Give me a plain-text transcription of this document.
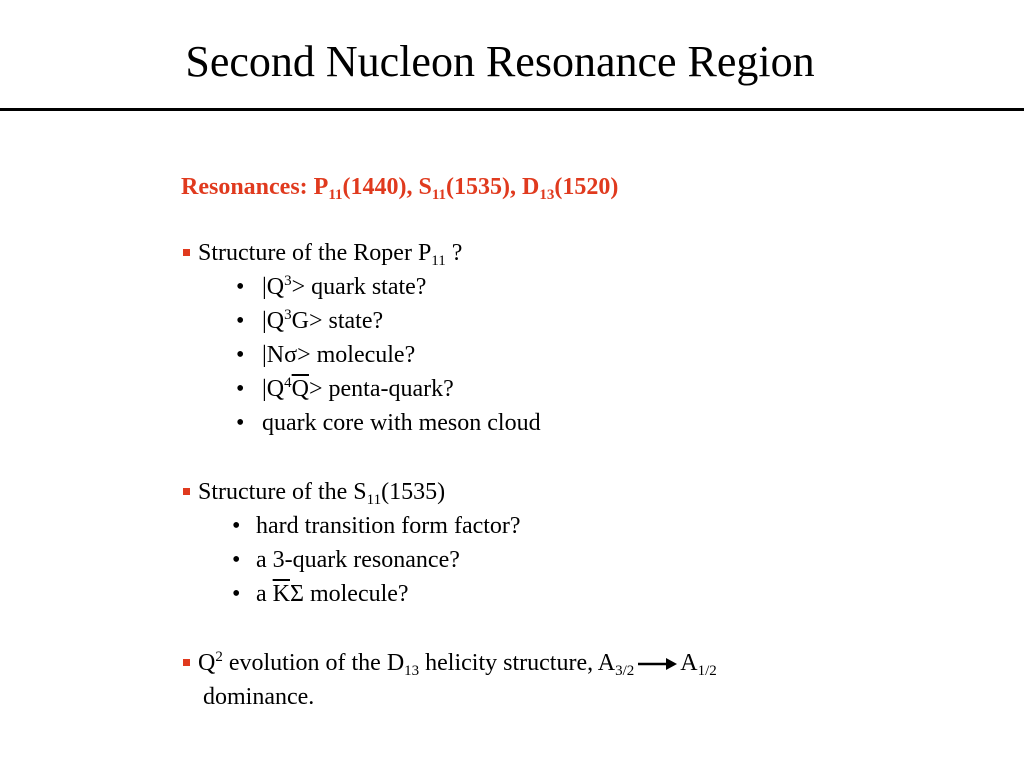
Second Nucleon Resonance Region
Resonances: $P_{11}(1440)$, $S_{11}(1535)$, $D_{13}(1520)$
Structure of the Roper $P_{11}$ ?
• $|Q^3>$ quark state?
• $|Q^3G>$ state?
• |Nσ> molecule?
• $|Q^4\overline{Q}>$ penta-quark?
• quark core with meson cloud
Structure of the $S_{11}(1535)$
• hard transition form factor?
• a 3-quark resonance?
• a $\overline{K}\Sigma$ molecule?
$Q^2$ evolution of the $D_{13}$ helicity structure, $A_{3/2}$ $A_{1/2}$
dominance.
